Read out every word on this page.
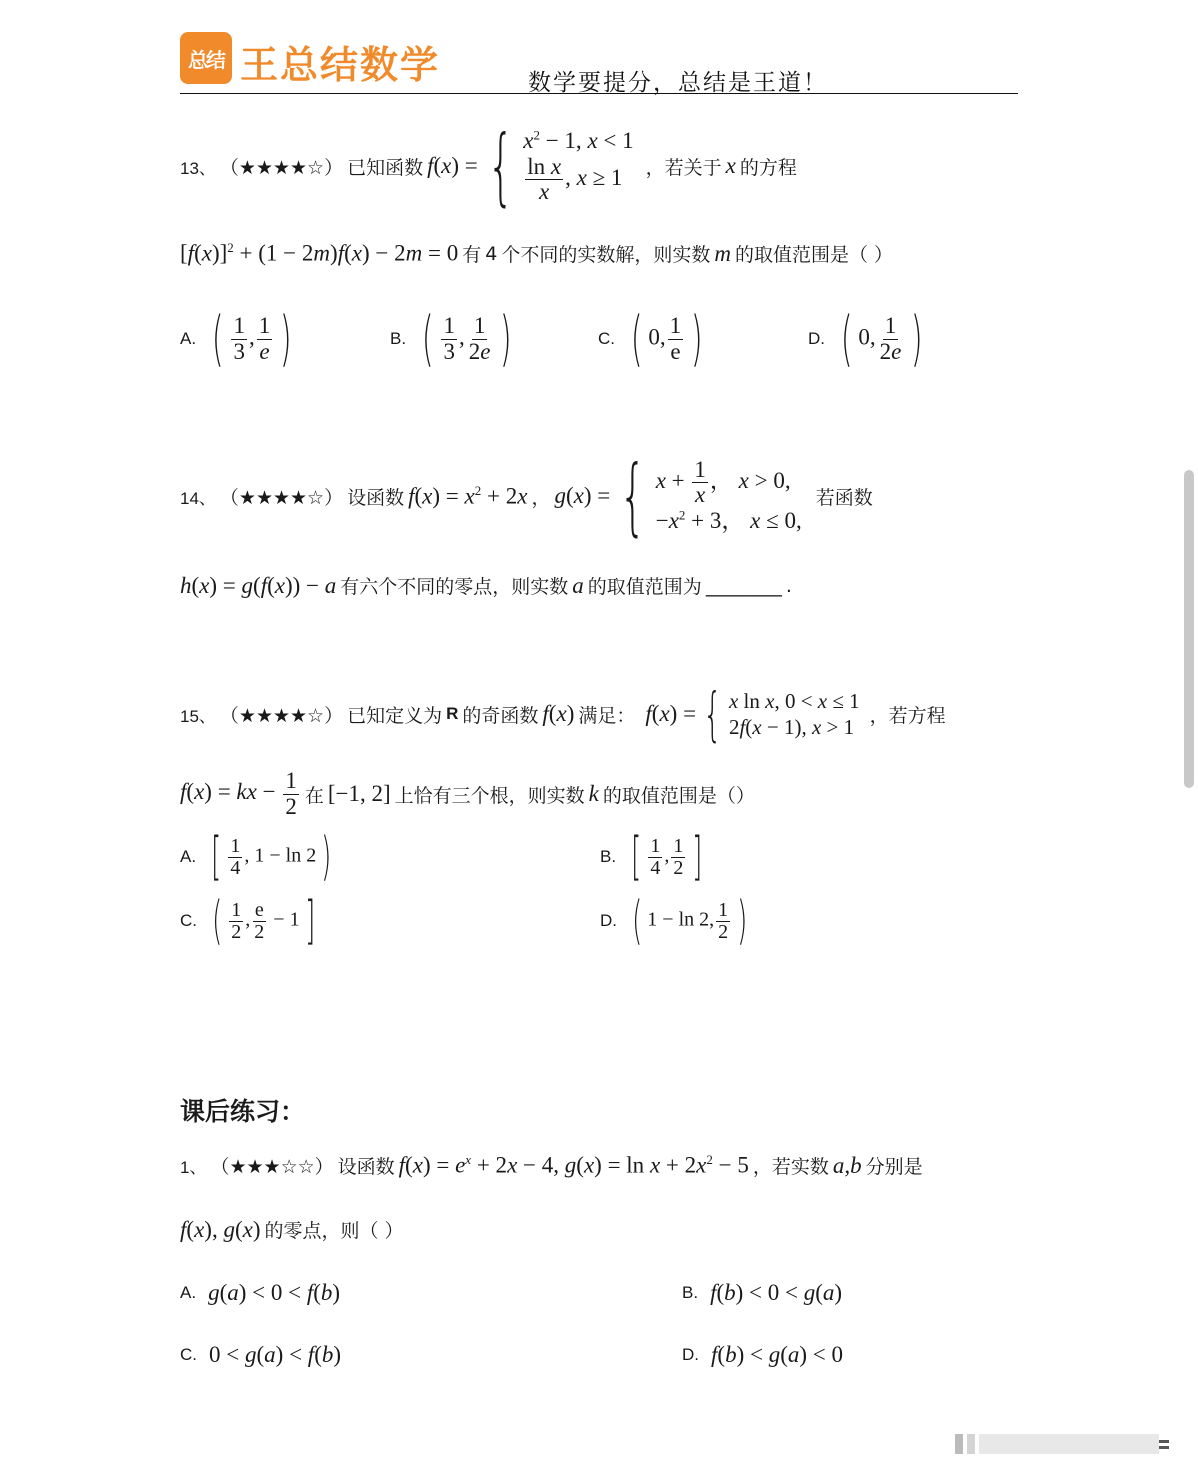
总结 王总结数学	数学要提分，总结是王道！
13、 （★★★★☆） 已知函数 f(x) = { $x^2 - 1$, x < 1
$\frac{\text{ln x}}{x}$ , x ≥ 1	，若关于 x 的方程
$[f(x)]^2 + (1 - 2m)f(x) - 2m = 0$ 有 4 个不同的实数解，则实数 m 的取值范围是（ ）
A. ( $\frac{1}{3}$ , $\frac{1}{e}$ )	B. ( $\frac{1}{3}$ , $\frac{1}{2e}$ )	C. ( 0, $\frac{1}{e}$ )	D. ( 0, $\frac{1}{2e}$ )
14、 （★★★★☆） 设函数 $f(x) = x^2 + 2x$ ， g(x) = { $x + \frac{1}{x}$ ， x > 0,
$-x^2 + 3$， x ≤ 0,
若函数
h(x) = g(f(x)) − a 有六个不同的零点，则实数 a 的取值范围为 ________ .
15、 （★★★★☆） 已知定义为 R 的奇函数 f(x) 满足： f(x) = { x ln x, 0 < x ≤ 1
2f(x − 1), x > 1 ，若方程
f(x) = kx − $\frac{1}{2}$ 在 [−1, 2] 上恰有三个根，则实数 k 的取值范围是（）
A. [ $\frac{1}{4}$ , 1 − ln 2)	B. [ $\frac{1}{4}$ , $\frac{1}{2}$ ]
C. ( $\frac{1}{2}$ , $\frac{e}{2} - 1$]	D. ( 1 − ln 2, $\frac{1}{2}$ )
课后练习：
1、 （★★★☆☆） 设函数 $f(x) = e^x + 2x - 4$, $g(x) = \ln x + 2x^2 - 5$ ，若实数 a,b 分别是
f(x), g(x) 的零点，则（ ）
A. g(a) < 0 < f(b)	B. f(b) < 0 < g(a)
C. 0 < g(a) < f(b)	D. f(b) < g(a) < 0
